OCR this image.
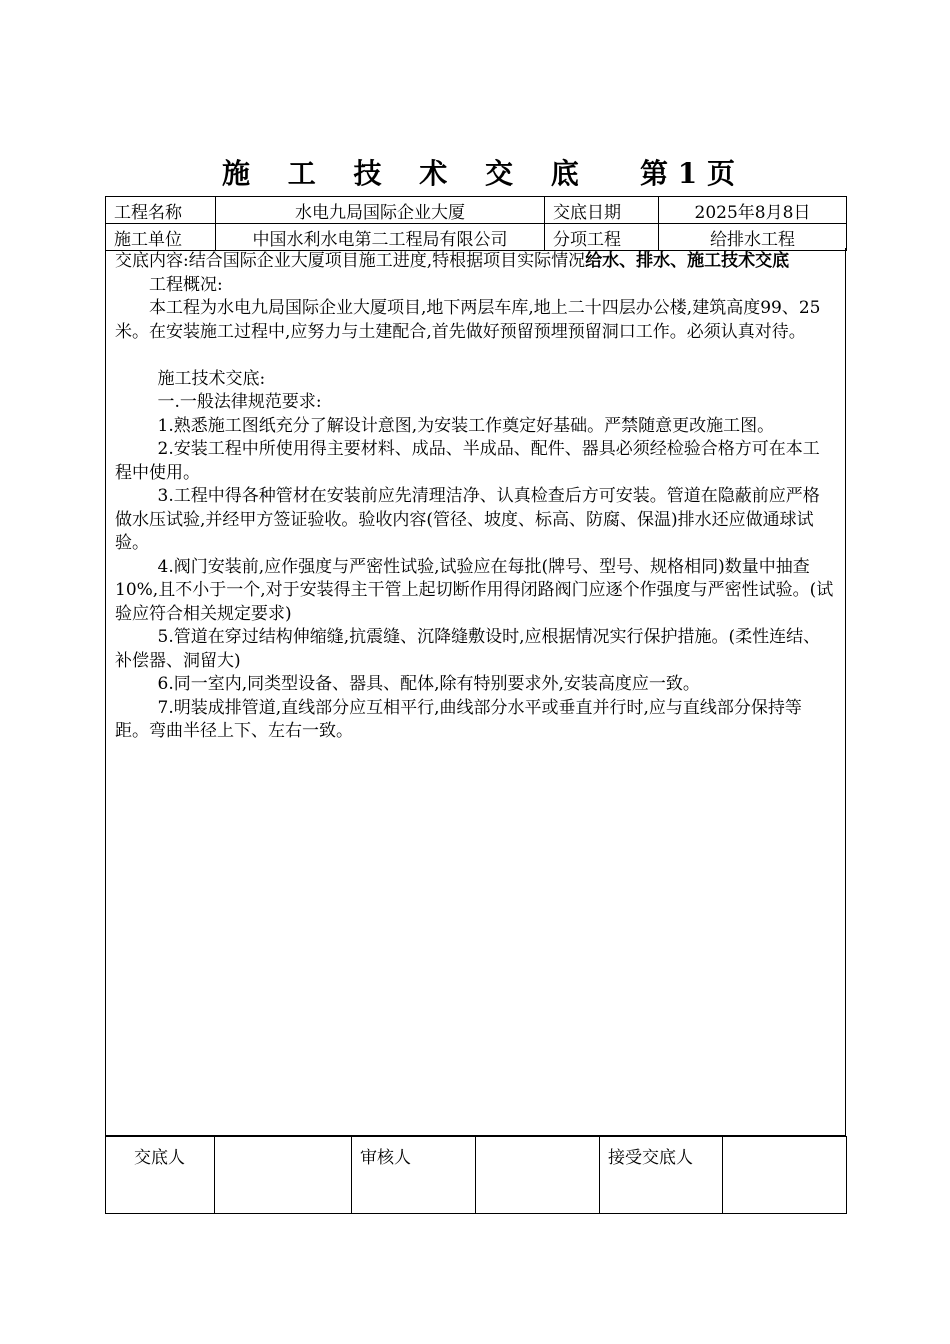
施 工 技 术 交 底 第 1 页
工程名称	水电九局国际企业大厦	交底日期	2025年8月8日
施工单位	中国水利水电第二工程局有限公司	分项工程	给排水工程

交底内容:结合国际企业大厦项目施工进度,特根据项目实际情况给水、排水、施工技术交底

工程概况:

本工程为水电九局国际企业大厦项目,地下两层车库,地上二十四层办公楼,建筑高度99、25米。在安装施工过程中,应努力与土建配合,首先做好预留预埋预留洞口工作。必须认真对待。

施工技术交底:

一.一般法律规范要求:

1.熟悉施工图纸充分了解设计意图,为安装工作奠定好基础。严禁随意更改施工图。

2.安装工程中所使用得主要材料、成品、半成品、配件、器具必须经检验合格方可在本工程中使用。

3.工程中得各种管材在安装前应先清理洁净、认真检查后方可安装。管道在隐蔽前应严格做水压试验,并经甲方签证验收。验收内容(管径、坡度、标高、防腐、保温)排水还应做通球试验。

4.阀门安装前,应作强度与严密性试验,试验应在每批(牌号、型号、规格相同)数量中抽查10%,且不小于一个,对于安装得主干管上起切断作用得闭路阀门应逐个作强度与严密性试验。(试验应符合相关规定要求)

5.管道在穿过结构伸缩缝,抗震缝、沉降缝敷设时,应根据情况实行保护措施。(柔性连结、补偿器、洞留大)

6.同一室内,同类型设备、器具、配体,除有特别要求外,安装高度应一致。

7.明装成排管道,直线部分应互相平行,曲线部分水平或垂直并行时,应与直线部分保持等距。弯曲半径上下、左右一致。

交底人		审核人		接受交底人	
